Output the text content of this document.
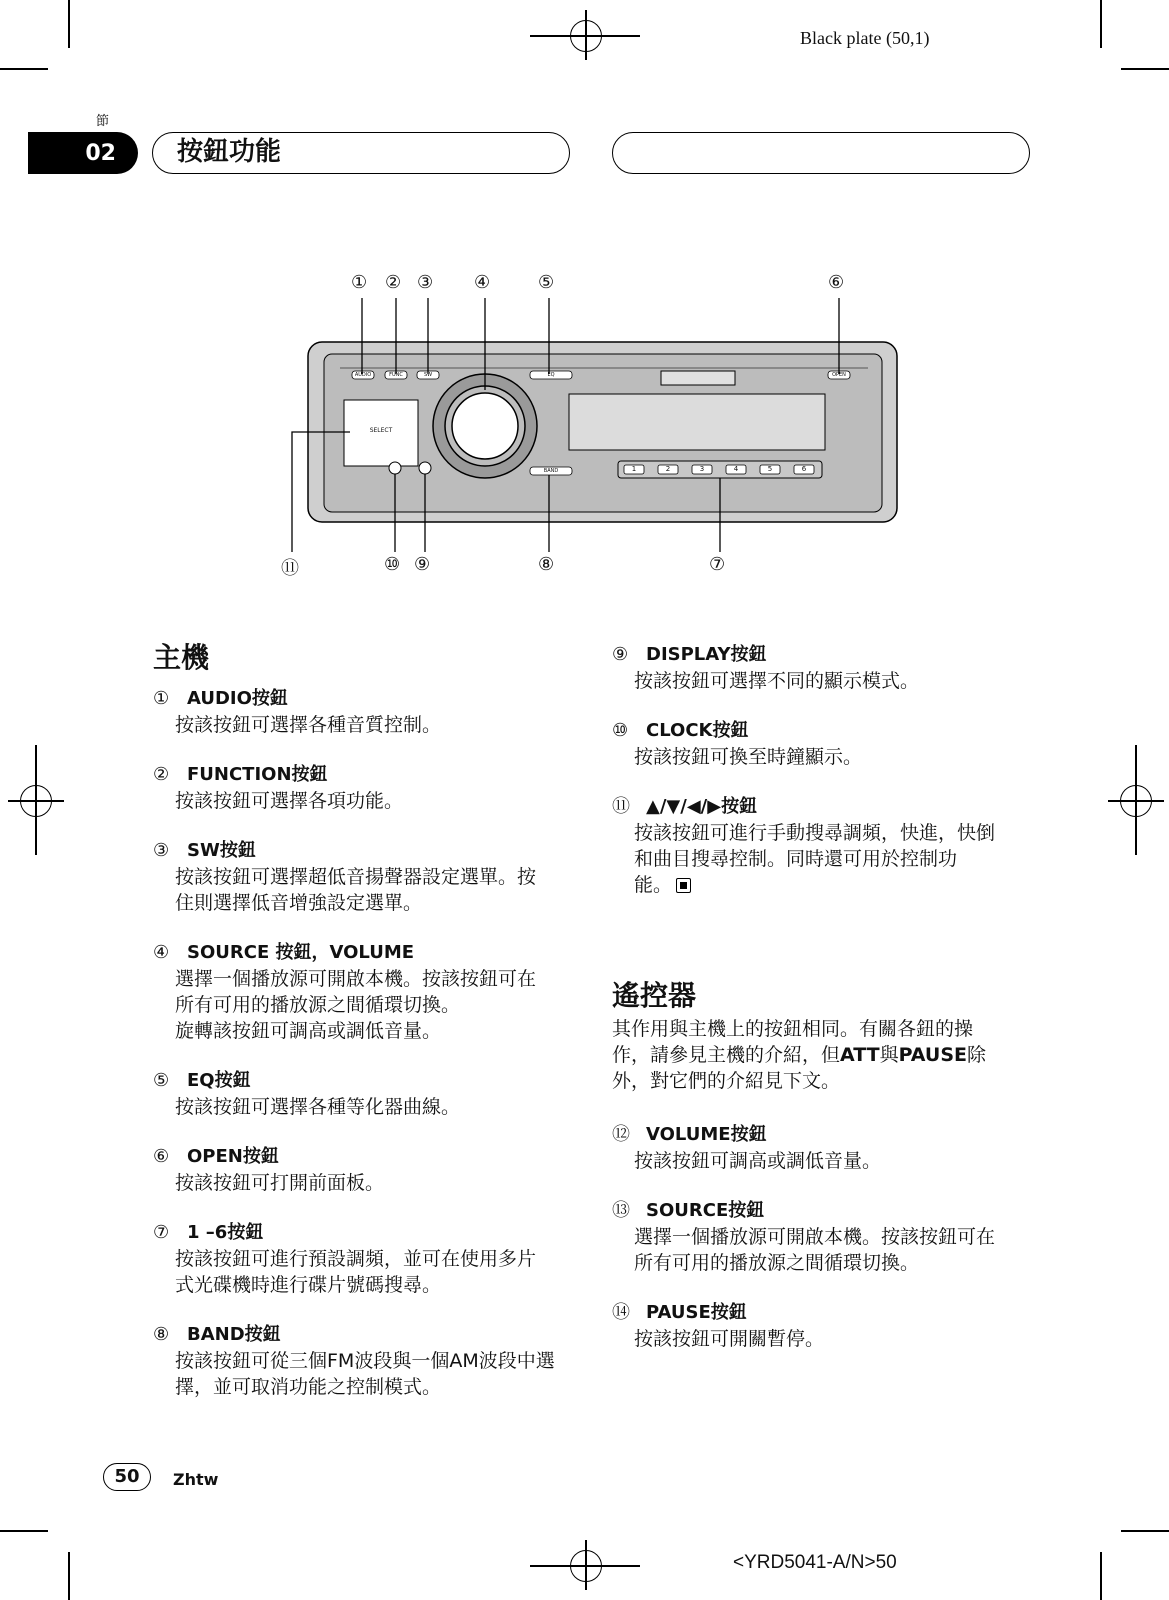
Black plate (50,1)
節
02	按鈕功能
AUDIO	FUNC	SW	EQ	OPEN
BAND
SELECT
1	2	3	4	5	6
① ② ③ ④	⑤	⑥
⑪	⑩ ⑨	⑧	⑦
主機
① AUDIO按鈕
按該按鈕可選擇各種音質控制。
② FUNCTION按鈕
按該按鈕可選擇各項功能。
③ SW按鈕
按該按鈕可選擇超低音揚聲器設定選單。按
住則選擇低音增強設定選單。
④ SOURCE 按鈕，VOLUME
選擇一個播放源可開啟本機。按該按鈕可在
所有可用的播放源之間循環切換。
旋轉該按鈕可調高或調低音量。
⑤ EQ按鈕
按該按鈕可選擇各種等化器曲線。
⑥ OPEN按鈕
按該按鈕可打開前面板。
⑦ 1 –6按鈕
按該按鈕可進行預設調頻，並可在使用多片
式光碟機時進行碟片號碼搜尋。
⑧ BAND按鈕
按該按鈕可從三個FM波段與一個AM波段中選
擇，並可取消功能之控制模式。
⑨ DISPLAY按鈕
按該按鈕可選擇不同的顯示模式。
⑩ CLOCK按鈕
按該按鈕可換至時鐘顯示。
⑪ ▲/▼/◀/▶按鈕
按該按鈕可進行手動搜尋調頻，快進，快倒
和曲目搜尋控制。同時還可用於控制功
能。
遙控器
其作用與主機上的按鈕相同。有關各鈕的操
作，請參見主機的介紹，但ATT與PAUSE除
外，對它們的介紹見下文。
⑫ VOLUME按鈕
按該按鈕可調高或調低音量。
⑬ SOURCE按鈕
選擇一個播放源可開啟本機。按該按鈕可在
所有可用的播放源之間循環切換。
⑭ PAUSE按鈕
按該按鈕可開關暫停。
50	Zhtw
<YRD5041-A/N>50
